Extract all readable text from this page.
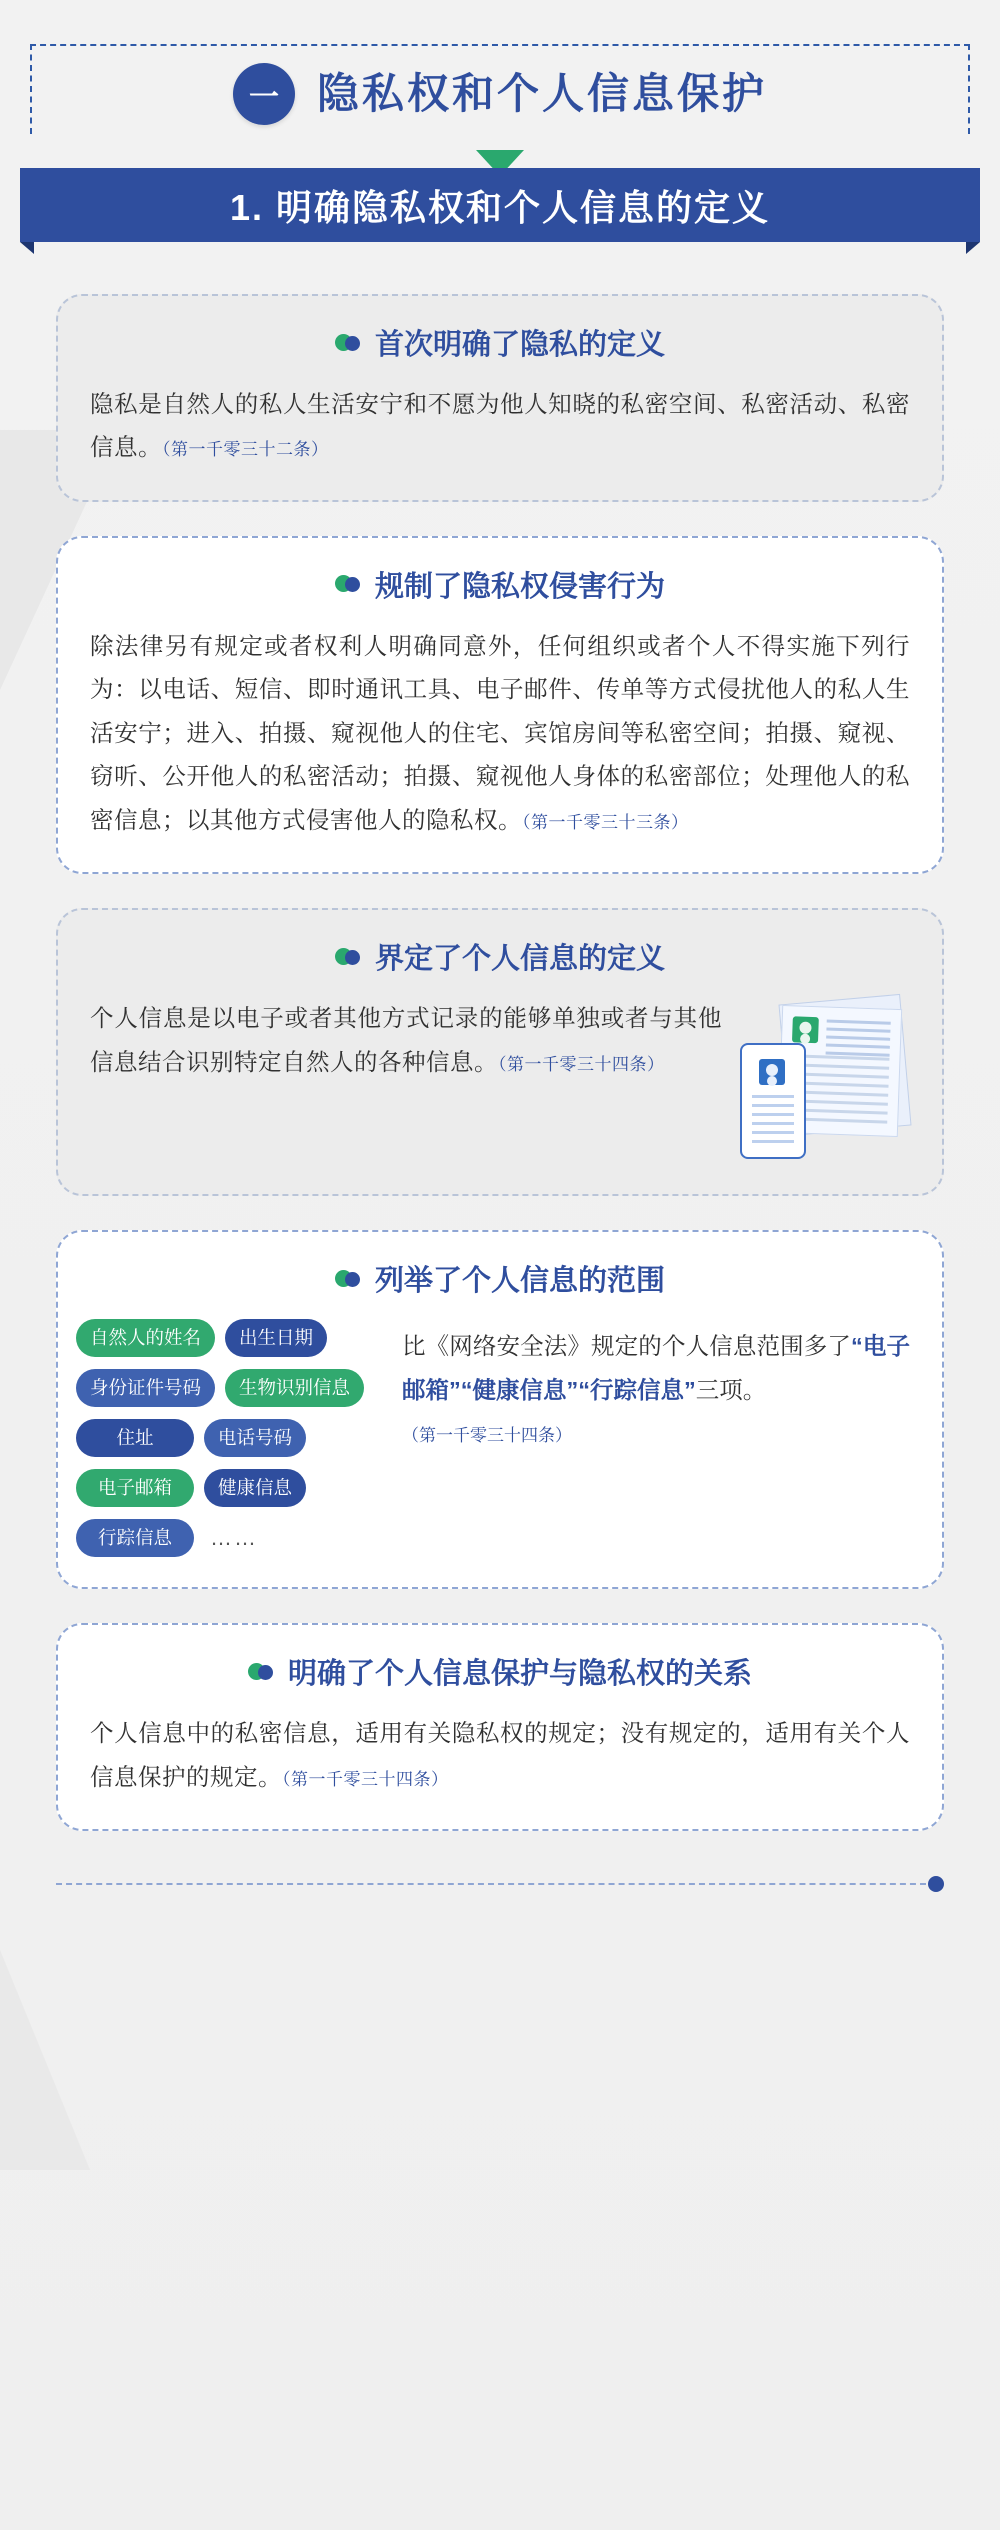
一 隐私权和个人信息保护
1. 明确隐私权和个人信息的定义
首次明确了隐私的定义
隐私是自然人的私人生活安宁和不愿为他人知晓的私密空间、私密活动、私密信息。（第一千零三十二条）
规制了隐私权侵害行为
除法律另有规定或者权利人明确同意外，任何组织或者个人不得实施下列行为：以电话、短信、即时通讯工具、电子邮件、传单等方式侵扰他人的私人生活安宁；进入、拍摄、窥视他人的住宅、宾馆房间等私密空间；拍摄、窥视、窃听、公开他人的私密活动；拍摄、窥视他人身体的私密部位；处理他人的私密信息；以其他方式侵害他人的隐私权。（第一千零三十三条）
界定了个人信息的定义
个人信息是以电子或者其他方式记录的能够单独或者与其他信息结合识别特定自然人的各种信息。（第一千零三十四条）
列举了个人信息的范围
自然人的姓名	出生日期
身份证件号码	生物识别信息
住址	电话号码
电子邮箱	健康信息
行踪信息	……
比《网络安全法》规定的个人信息范围多了“电子邮箱”“健康信息”“行踪信息”三项。
（第一千零三十四条）
明确了个人信息保护与隐私权的关系
个人信息中的私密信息，适用有关隐私权的规定；没有规定的，适用有关个人信息保护的规定。（第一千零三十四条）
